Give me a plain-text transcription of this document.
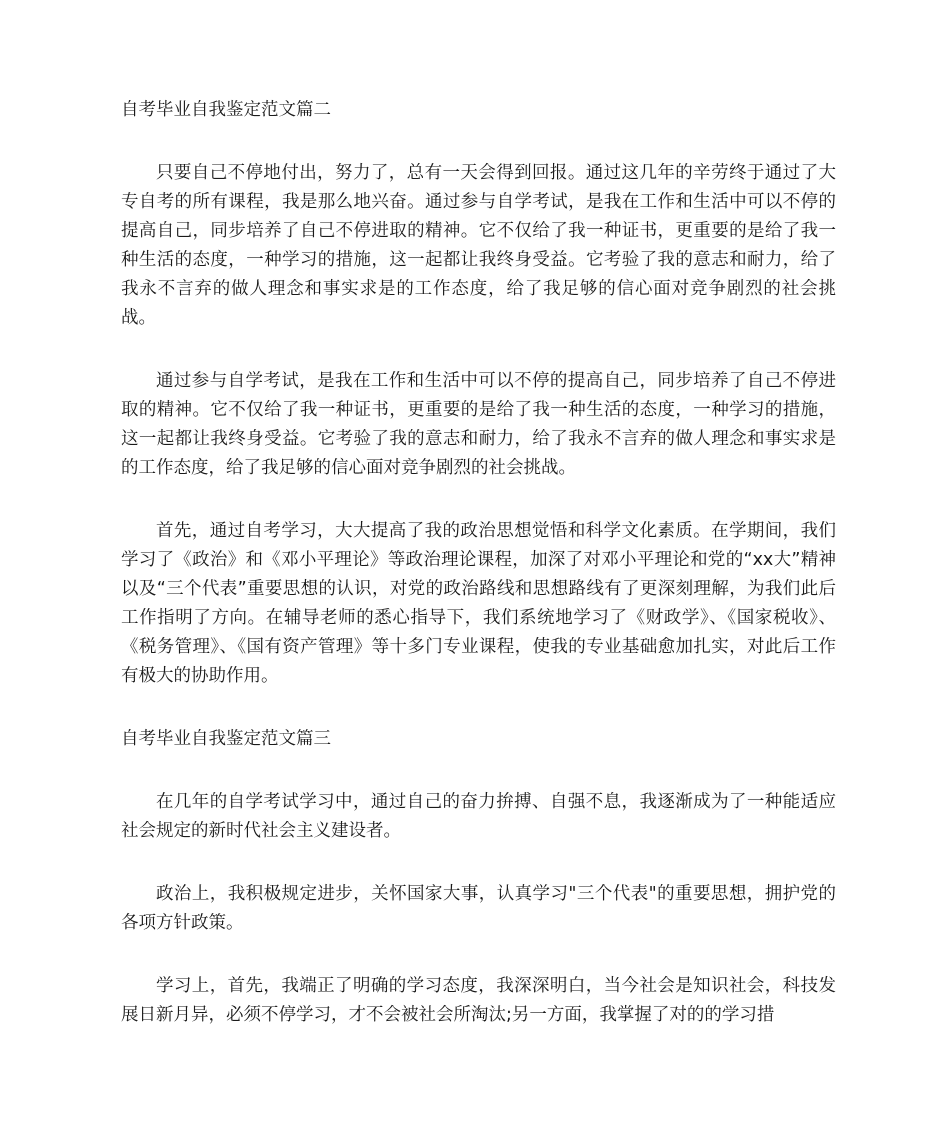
自考毕业自我鉴定范文篇二

只要自己不停地付出，努力了，总有一天会得到回报。通过这几年的辛劳终于通过了大专自考的所有课程，我是那么地兴奋。通过参与自学考试，是我在工作和生活中可以不停的提高自己，同步培养了自己不停进取的精神。它不仅给了我一种证书，更重要的是给了我一种生活的态度，一种学习的措施，这一起都让我终身受益。它考验了我的意志和耐力，给了我永不言弃的做人理念和事实求是的工作态度，给了我足够的信心面对竞争剧烈的社会挑战。

通过参与自学考试，是我在工作和生活中可以不停的提高自己，同步培养了自己不停进取的精神。它不仅给了我一种证书，更重要的是给了我一种生活的态度，一种学习的措施，这一起都让我终身受益。它考验了我的意志和耐力，给了我永不言弃的做人理念和事实求是的工作态度，给了我足够的信心面对竞争剧烈的社会挑战。

首先，通过自考学习，大大提高了我的政治思想觉悟和科学文化素质。在学期间，我们学习了《政治》和《邓小平理论》等政治理论课程，加深了对邓小平理论和党的“xx大”精神以及“三个代表”重要思想的认识，对党的政治路线和思想路线有了更深刻理解，为我们此后工作指明了方向。在辅导老师的悉心指导下，我们系统地学习了《财政学》、《国家税收》、《税务管理》、《国有资产管理》等十多门专业课程，使我的专业基础愈加扎实，对此后工作有极大的协助作用。

自考毕业自我鉴定范文篇三

在几年的自学考试学习中，通过自己的奋力拚搏、自强不息，我逐渐成为了一种能适应社会规定的新时代社会主义建设者。

政治上，我积极规定进步，关怀国家大事，认真学习"三个代表"的重要思想，拥护党的各项方针政策。

学习上，首先，我端正了明确的学习态度，我深深明白，当今社会是知识社会，科技发展日新月异，必须不停学习，才不会被社会所淘汰;另一方面，我掌握了对的的学习措
